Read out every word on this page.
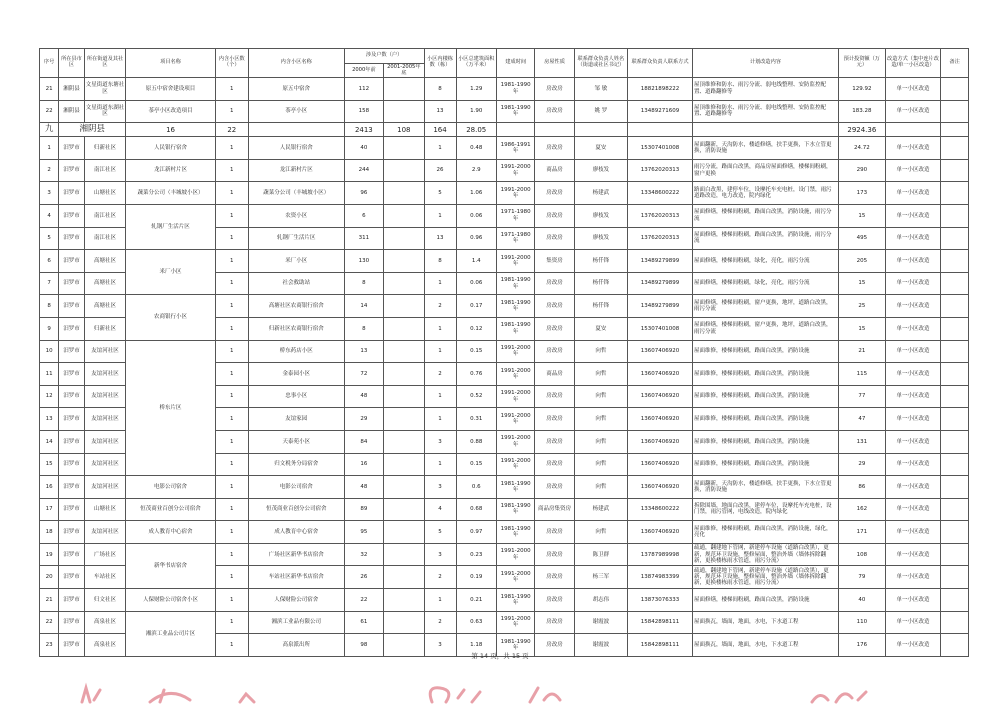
序号	所在县市区	所在街道及其社区	项目名称	内含小区数（个）	内含小区名称	涉及户数（户）		小区内楼栋数（栋）	小区总建筑面积（万平米）	建成时间	房屋性质	联系群众负责人姓名（街道或社区书记）	联系群众负责人联系方式	计划改造内容	预计投资额（万元）	改造方式（集中连片改造/单一小区改造）	备注
						2000年前	2001-2005年底										
21	湘阴县	文星街道东塘社区	原五中宿舍建设项目	1	原五中宿舍	112		8	1.29	1981-1990年	房改房	邹 敏	18821898222	屋顶维修和防水、雨污分流、弱电线整理、安防监控配置、道路翻修等	129.92	单一小区改造	
22	湘阴县	文星街道东湖社区	茶亭小区改造项目	1	茶亭小区	158		13	1.90	1981-1990年	房改房	姚 罗	13489271609	屋顶维修和防水、雨污分流、弱电线整理、安防监控配置、道路翻修等	183.28	单一小区改造	
九	湘阴县		16	22		2413	108	164	28.05						2924.36		
1	汨罗市	归新社区	人民银行宿舍	1	人民银行宿舍	40		1	0.48	1986-1991年	房改房	夏安	15307401008	屋面翻新，天沟防水，楼道修缮，扶手更换，下水立管更换，消防设施	24.72	单一小区改造	
2	汨罗市	南江社区	龙江新村片区	1	龙江新村片区	244		26	2.9	1991-2000年	商品房	廖枝发	13762020313	雨污分流，路面白改黑，商品房屋面修缮，楼梯间粉刷，窗户更换	290	单一小区改造	
3	汨罗市	山塘社区	蔬菜分公司（丰城坡小区）	1	蔬菜分公司（丰城坡小区）	96		5	1.06	1991-2000年	房改房	杨建武	13348600222	路面白改黑，建停车位，设摩托车充电桩，设门禁，雨污道路改造，电力改造，院内绿化	173	单一小区改造	
4	汨罗市	南江社区	轧钢厂生活片区	1	农资小区	6		1	0.06	1971-1980年	房改房	廖枝发	13762020313	屋面修缮，楼梯间粉刷，路面白改黑，消防设施，雨污分流	15	单一小区改造	
5	汨罗市	南江社区		1	轧钢厂生活片区	311		13	0.96	1971-1980年	房改房	廖枝发	13762020313	屋面修缮，楼梯间粉刷，路面白改黑，消防设施，雨污分流	495	单一小区改造	
6	汨罗市	高塘社区	米厂小区	1	米厂小区	130		8	1.4	1991-2000年	集资房	杨仟锋	13489279899	屋面修缮，楼梯间粉刷，绿化，亮化，雨污分流	205	单一小区改造	
7	汨罗市	高塘社区		1	社会救助站	8		1	0.06	1981-1990年	房改房	杨仟锋	13489279899	屋面修缮，楼梯间粉刷，绿化，亮化，雨污分流	15	单一小区改造	
8	汨罗市	高塘社区	农商银行小区	1	高塘社区农商银行宿舍	14		2	0.17	1981-1990年	房改房	杨仟锋	13489279899	屋面修缮，楼梯间粉刷，窗户更换，地坪，道路白改黑，雨污分流	25	单一小区改造	
9	汨罗市	归新社区		1	归新社区农商银行宿舍	8		1	0.12	1981-1990年	房改房	夏安	15307401008	屋面修缮，楼梯间粉刷，窗户更换，地坪，道路白改黑，雨污分流	15	单一小区改造	
10	汨罗市	友谊河社区	桥东片区	1	桥东药店小区	13		1	0.15	1991-2000年	房改房	向哲	13607406920	屋面维修，楼梯间粉刷，路面白改黑，消防设施	21	单一小区改造	
11	汨罗市	友谊河社区		1	金泰园小区	72		2	0.76	1991-2000年	商品房	向哲	13607406920	屋面维修，楼梯间粉刷，路面白改黑，消防设施	115	单一小区改造	
12	汨罗市	友谊河社区		1	忠事小区	48		1	0.52	1991-2000年	房改房	向哲	13607406920	屋面维修，楼梯间粉刷，路面白改黑，消防设施	77	单一小区改造	
13	汨罗市	友谊河社区		1	友谊家园	29		1	0.31	1991-2000年	房改房	向哲	13607406920	屋面维修，楼梯间粉刷，路面白改黑，消防设施	47	单一小区改造	
14	汨罗市	友谊河社区		1	天泰苑小区	84		3	0.88	1991-2000年	房改房	向哲	13607406920	屋面维修，楼梯间粉刷，路面白改黑，消防设施	131	单一小区改造	
15	汨罗市	友谊河社区		1	归文税务分局宿舍	16		1	0.15	1991-2000年	房改房	向哲	13607406920	屋面维修，楼梯间粉刷，路面白改黑，消防设施	29	单一小区改造	
16	汨罗市	友谊河社区	电影公司宿舍	1	电影公司宿舍	48		3	0.6	1981-1990年	房改房	向哲	13607406920	屋面翻新，天沟防水，楼道修缮，扶手更换，下水立管更换，消防设施	86	单一小区改造	
17	汨罗市	山塘社区	恒茂商业百创分公司宿舍	1	恒茂商业百创分公司宿舍	89		4	0.68	1981-1990年	商品房集资房	杨建武	13348600222	拆除围墙，地面白改黑，建停车位，设摩托车充电桩，设门禁，雨污管网，电线改造，院内绿化	162	单一小区改造	
18	汨罗市	友谊河社区	成人教育中心宿舍	1	成人教育中心宿舍	95		5	0.97	1981-1990年	房改房	向哲	13607406920	屋面维修，楼梯间粉刷，路面白改黑，消防设施，绿化，亮化	171	单一小区改造	
19	汨罗市	广场社区	新华书店宿舍	1	广场社区新华书店宿舍	32		3	0.23	1991-2000年	房改房	陈卫群	13787989998	疏通，翻建地下管网，新建停车设施（道路白改黑），更新，规范环卫设施，整修屋面，整治外墙（墙体拆除翻新，更换楼栋雨水管道，雨污分流）	108	单一小区改造	
20	汨罗市	车站社区		1	车站社区新华书店宿舍	26		2	0.19	1991-2000年	房改房	杨三军	13874983399	疏通，翻建地下管网，新建停车设施（道路白改黑），更新，规范环卫设施，整修屋面，整治外墙（墙体拆除翻新，更换楼栋雨水管道，雨污分流）	79	单一小区改造	
21	汨罗市	归文社区	人保财险公司宿舍小区	1	人保财险公司宿舍	22		1	0.21	1981-1990年	房改房	胡志伟	13873076333	屋面修缮，楼梯间粉刷，路面白改黑，消防设施	40	单一小区改造	
22	汨罗市	高泉社区	湘滨工业品公司片区	1	湘滨工业品有限公司	61		2	0.63	1991-2000年	房改房	谢霞波	15842898111	屋面换瓦，墙面，地面，水电，下水道工程	110	单一小区改造	
23	汨罗市	高泉社区		1	高泉派出所	98		3	1.18	1981-1990年	房改房	谢霞波	15842898111	屋面换瓦，墙面，地面，水电，下水道工程	176	单一小区改造	
第 14 页，共 15 页
